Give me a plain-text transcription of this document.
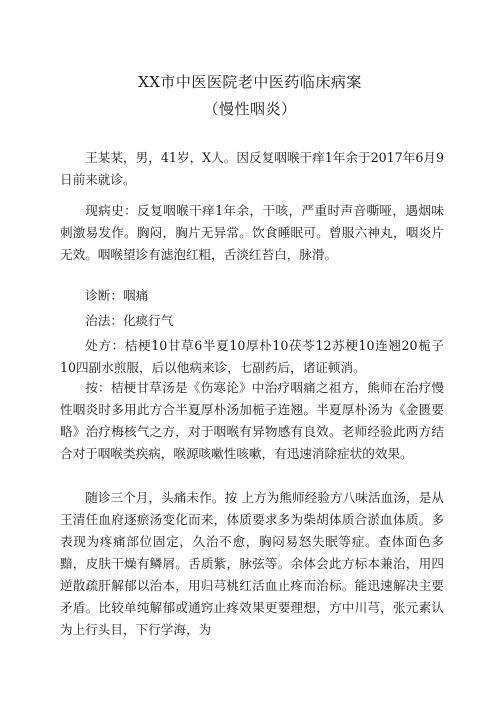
XX市中医医院老中医药临床病案
（慢性咽炎）

王某某，男，41岁，X人。因反复咽喉干痒1年余于2017年6月9日前来就诊。

现病史：反复咽喉干痒1年余，干咳，严重时声音嘶哑，遇烟味刺激易发作。胸闷，胸片无异常。饮食睡眠可。曾服六神丸，咽炎片无效。咽喉望诊有滤泡红粗，舌淡红苔白，脉滑。

诊断：咽痛

治法：化痰行气

处方：桔梗10甘草6半夏10厚朴10茯苓12苏梗10连翘20栀子10四副水煎服，后以他病来诊，七副药后，诸证顿消。

按：桔梗甘草汤是《伤寒论》中治疗咽痛之祖方，熊师在治疗慢性咽炎时多用此方合半夏厚朴汤加栀子连翘。半夏厚朴汤为《金匮要略》治疗梅核气之方，对于咽喉有异物感有良效。老师经验此两方结合对于咽喉类疾病，喉源咳嗽性咳嗽，有迅速消除症状的效果。

随诊三个月，头痛未作。按 上方为熊师经验方八味活血汤，是从王清任血府逐瘀汤变化而来，体质要求多为柴胡体质合淤血体质。多表现为疼痛部位固定，久治不愈，胸闷易怒失眠等症。查体面色多黯，皮肤干燥有鳞屑。舌质紫，脉弦等。余体会此方标本兼治，用四逆散疏肝解郁以治本，用归芎桃红活血止疼而治标。能迅速解决主要矛盾。比较单纯解郁或通窍止疼效果更要理想，方中川芎，张元素认为上行头目，下行学海，为
